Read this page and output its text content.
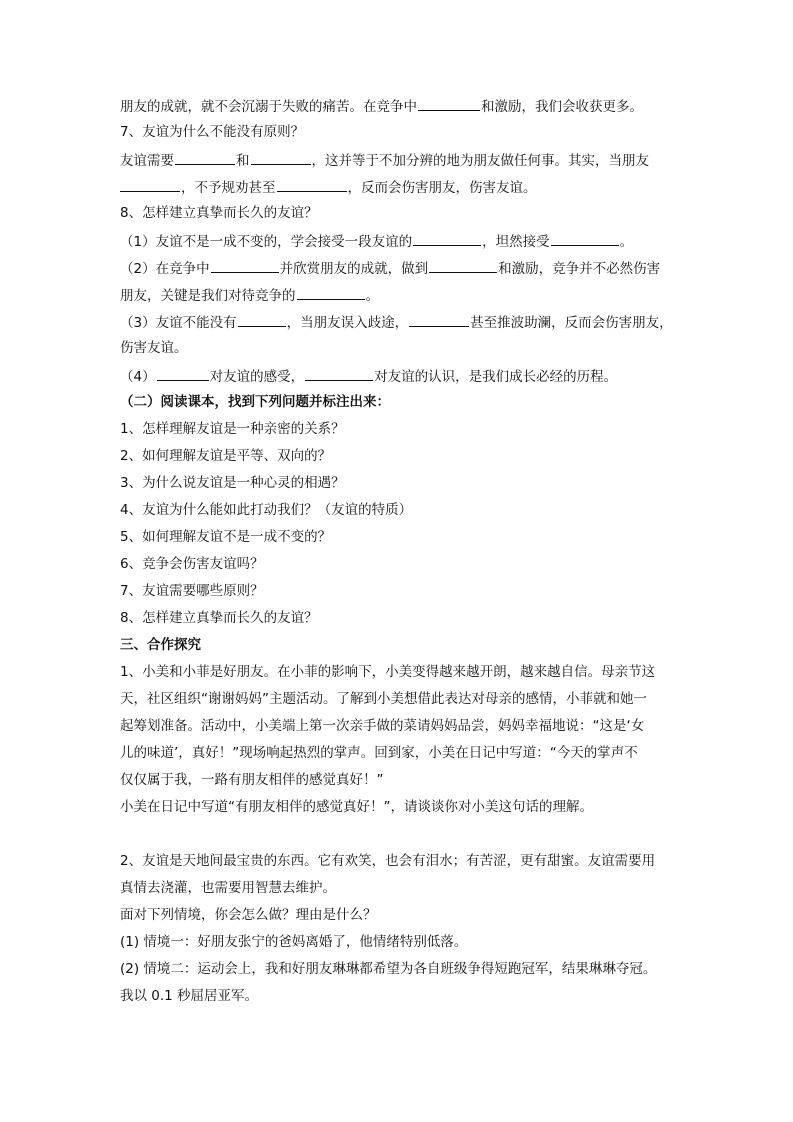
朋友的成就，就不会沉溺于失败的痛苦。在竞争中	和激励，我们会收获更多。
7、友谊为什么不能没有原则？
友谊需要	和	，这并等于不加分辨的地为朋友做任何事。其实，当朋友
，不予规劝甚至	，反而会伤害朋友，伤害友谊。
8、怎样建立真挚而长久的友谊？
（1）友谊不是一成不变的，学会接受一段友谊的	，坦然接受	。
（2）在竞争中	并欣赏朋友的成就，做到	和激励，竞争并不必然伤害
朋友，关键是我们对待竞争的	。
（3）友谊不能没有	，当朋友误入歧途，	甚至推波助澜，反而会伤害朋友，
伤害友谊。
（4）	对友谊的感受，	对友谊的认识，是我们成长必经的历程。
（二）阅读课本，找到下列问题并标注出来：
1、怎样理解友谊是一种亲密的关系？
2、如何理解友谊是平等、双向的？
3、为什么说友谊是一种心灵的相遇？
4、友谊为什么能如此打动我们？（友谊的特质）
5、如何理解友谊不是一成不变的？
6、竞争会伤害友谊吗？
7、友谊需要哪些原则？
8、怎样建立真挚而长久的友谊？
三、合作探究
1、小美和小菲是好朋友。在小菲的影响下，小美变得越来越开朗，越来越自信。母亲节这
天，社区组织“谢谢妈妈”主题活动。了解到小美想借此表达对母亲的感情，小菲就和她一
起筹划准备。活动中，小美端上第一次亲手做的菜请妈妈品尝，妈妈幸福地说：“这是‘女
儿的味道’，真好！”现场响起热烈的掌声。回到家，小美在日记中写道：“今天的掌声不
仅仅属于我，一路有朋友相伴的感觉真好！”
小美在日记中写道“有朋友相伴的感觉真好！”，请谈谈你对小美这句话的理解。
2、友谊是天地间最宝贵的东西。它有欢笑，也会有泪水；有苦涩，更有甜蜜。友谊需要用
真情去浇灌，也需要用智慧去维护。
面对下列情境，你会怎么做？理由是什么？
(1) 情境一：好朋友张宁的爸妈离婚了，他情绪特别低落。
(2) 情境二：运动会上，我和好朋友琳琳都希望为各自班级争得短跑冠军，结果琳琳夺冠。
我以 0.1 秒屈居亚军。
